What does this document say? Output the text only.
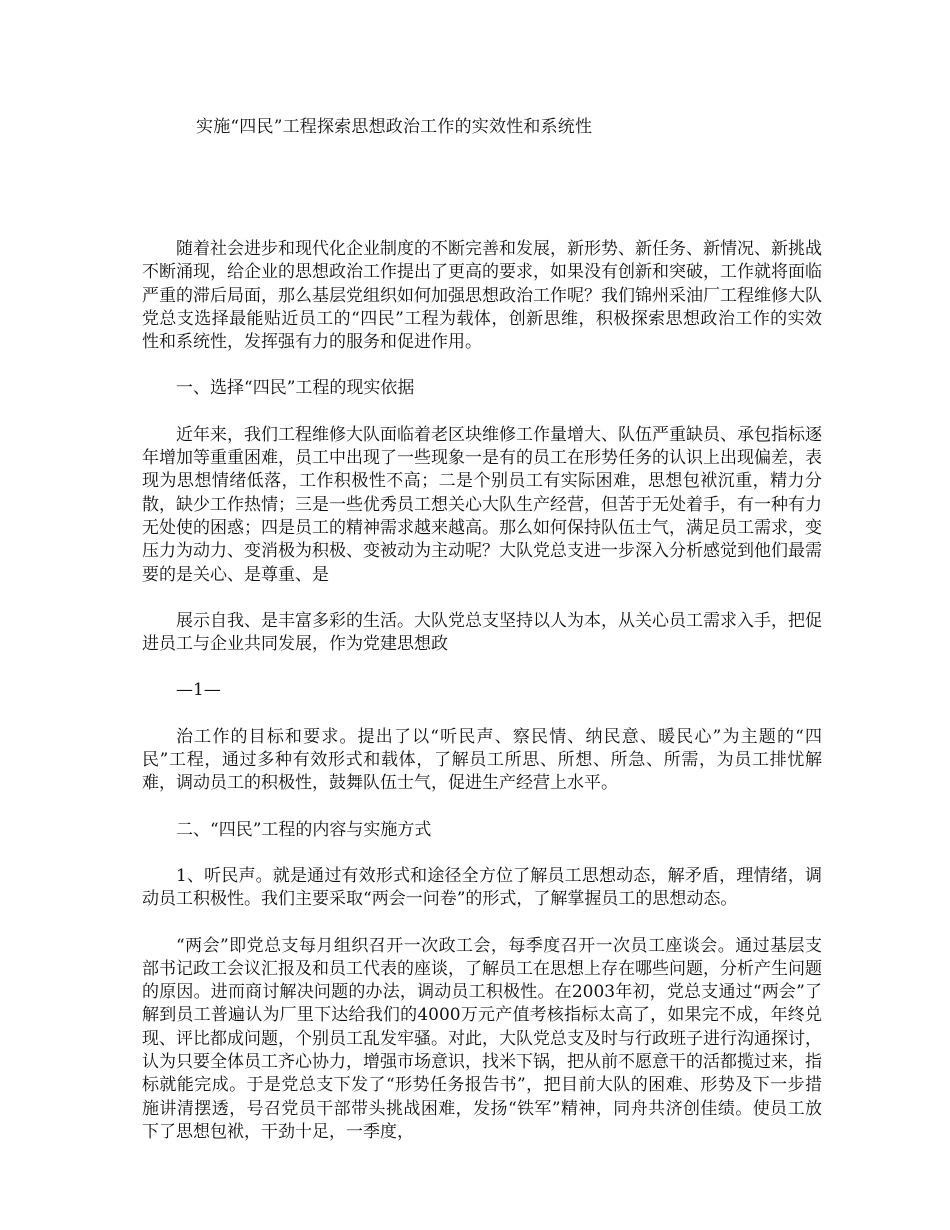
实施“四民”工程探索思想政治工作的实效性和系统性

随着社会进步和现代化企业制度的不断完善和发展，新形势、新任务、新情况、新挑战不断涌现，给企业的思想政治工作提出了更高的要求，如果没有创新和突破，工作就将面临严重的滞后局面，那么基层党组织如何加强思想政治工作呢？我们锦州采油厂工程维修大队党总支选择最能贴近员工的“四民”工程为载体，创新思维，积极探索思想政治工作的实效性和系统性，发挥强有力的服务和促进作用。

一、选择“四民”工程的现实依据

近年来，我们工程维修大队面临着老区块维修工作量增大、队伍严重缺员、承包指标逐年增加等重重困难，员工中出现了一些现象一是有的员工在形势任务的认识上出现偏差，表现为思想情绪低落，工作积极性不高；二是个别员工有实际困难，思想包袱沉重，精力分散，缺少工作热情；三是一些优秀员工想关心大队生产经营，但苦于无处着手，有一种有力无处使的困惑；四是员工的精神需求越来越高。那么如何保持队伍士气，满足员工需求，变压力为动力、变消极为积极、变被动为主动呢？大队党总支进一步深入分析感觉到他们最需要的是关心、是尊重、是

展示自我、是丰富多彩的生活。大队党总支坚持以人为本，从关心员工需求入手，把促进员工与企业共同发展，作为党建思想政

—1—

治工作的目标和要求。提出了以“听民声、察民情、纳民意、暖民心”为主题的“四民”工程，通过多种有效形式和载体，了解员工所思、所想、所急、所需，为员工排忧解难，调动员工的积极性，鼓舞队伍士气，促进生产经营上水平。

二、“四民”工程的内容与实施方式

1、听民声。就是通过有效形式和途径全方位了解员工思想动态，解矛盾，理情绪，调动员工积极性。我们主要采取“两会一问卷”的形式，了解掌握员工的思想动态。

“两会”即党总支每月组织召开一次政工会，每季度召开一次员工座谈会。通过基层支部书记政工会议汇报及和员工代表的座谈，了解员工在思想上存在哪些问题，分析产生问题的原因。进而商讨解决问题的办法，调动员工积极性。在2003年初，党总支通过“两会”了解到员工普遍认为厂里下达给我们的4000万元产值考核指标太高了，如果完不成，年终兑现、评比都成问题，个别员工乱发牢骚。对此，大队党总支及时与行政班子进行沟通探讨，认为只要全体员工齐心协力，增强市场意识，找米下锅，把从前不愿意干的活都揽过来，指标就能完成。于是党总支下发了“形势任务报告书”，把目前大队的困难、形势及下一步措施讲清摆透，号召党员干部带头挑战困难，发扬“铁军”精神，同舟共济创佳绩。使员工放下了思想包袱，干劲十足，一季度，
